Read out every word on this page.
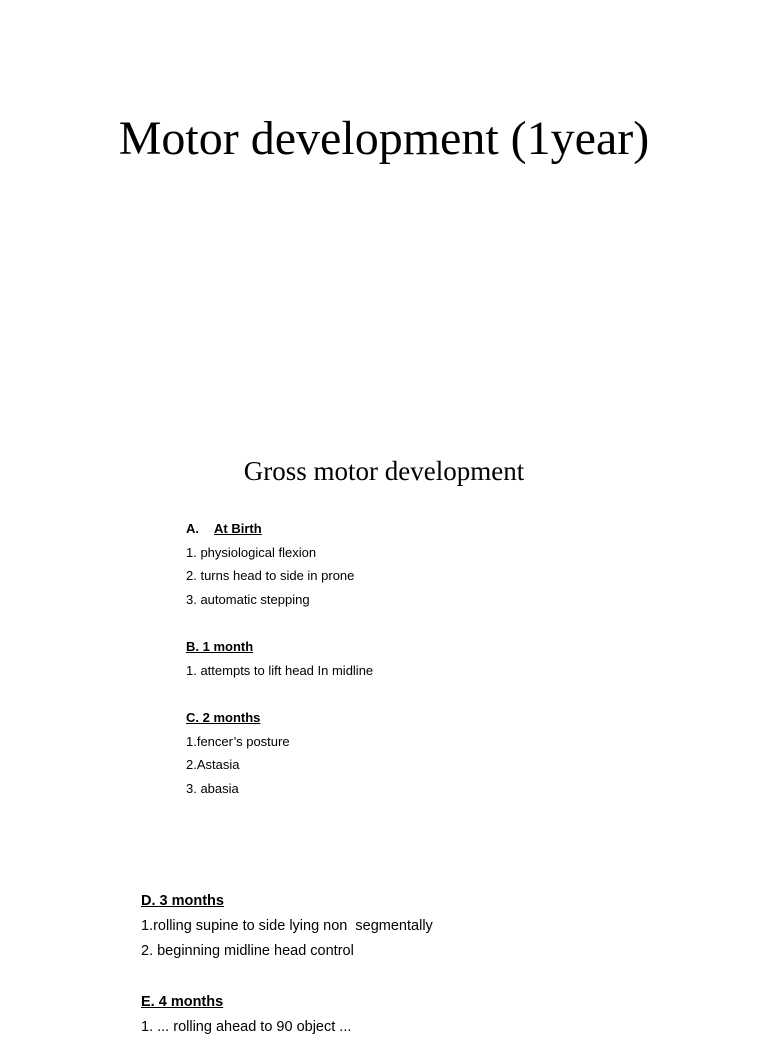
Motor development (1year)
Gross motor development
A. At Birth
1. physiological flexion
2. turns head to side in prone
3. automatic stepping
B. 1 month
1. attempts to lift head In midline
C. 2 months
1.fencer’s posture
2.Astasia
3. abasia
D. 3 months
1.rolling supine to side lying non  segmentally
2. beginning midline head control
E. 4 months
1. ... rolling ahead to 90 object ...
